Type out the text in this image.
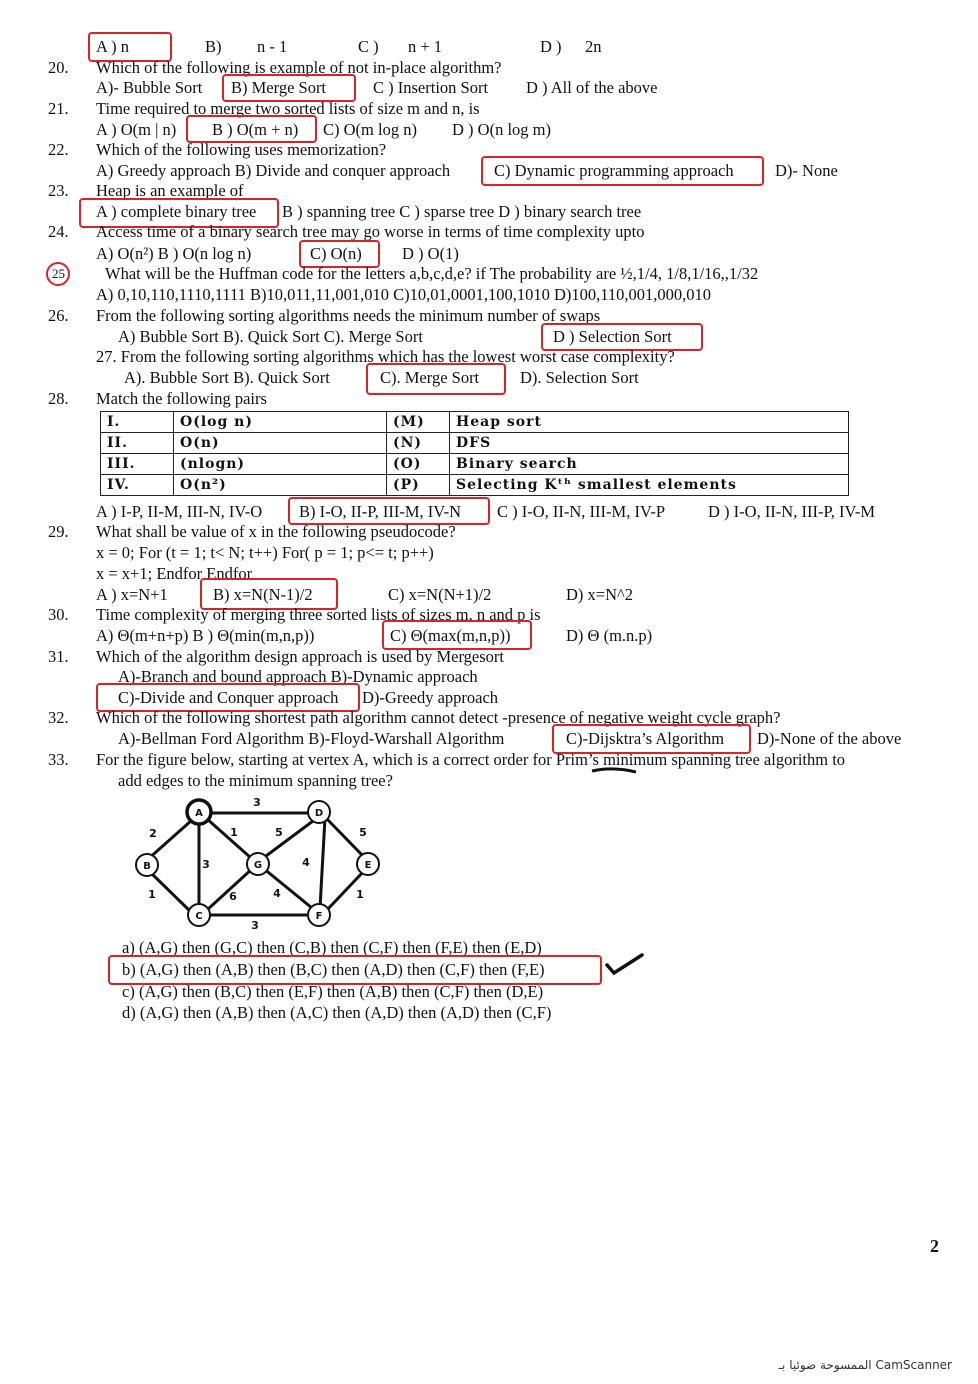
A ) n	B) n - 1	C ) n + 1	D ) 2n
20. Which of the following is example of not in-place algorithm?
A)- Bubble Sort B) Merge Sort	C ) Insertion Sort D ) All of the above
21. Time required to merge two sorted lists of size m and n, is
A ) O(m | n) B ) O(m + n) C) O(m log n) D ) O(n log m)
22. Which of the following uses memorization?
A) Greedy approach B) Divide and conquer approach	C) Dynamic programming approach	D)- None
23. Heap is an example of
A ) complete binary tree B ) spanning tree C ) sparse tree D ) binary search tree
24. Access time of a binary search tree may go worse in terms of time complexity upto
A) O(n²) B ) O(n log n)	C) O(n) D ) O(1)
25 What will be the Huffman code for the letters a,b,c,d,e? if The probability are ½,1/4, 1/8,1/16,,1/32
A) 0,10,110,1110,1111 B)10,011,11,001,010 C)10,01,0001,100,1010 D)100,110,001,000,010
26. From the following sorting algorithms needs the minimum number of swaps
A) Bubble Sort B). Quick Sort C). Merge Sort	D ) Selection Sort
27. From the following sorting algorithms which has the lowest worst case complexity?
A). Bubble Sort B). Quick Sort	C). Merge Sort D). Selection Sort
28. Match the following pairs
I.	O(log n)	(M)	Heap sort
II.	O(n)	(N)	DFS
III.	(nlogn)	(O)	Binary search
IV.	O(n²)	(P)	Selecting Kᵗʰ smallest elements
A ) I-P, II-M, III-N, IV-O B) I-O, II-P, III-M, IV-N C ) I-O, II-N, III-M, IV-P	D ) I-O, II-N, III-P, IV-M
29. What shall be value of x in the following pseudocode?
x = 0; For (t = 1; t< N; t++) For( p = 1; p<= t; p++)
x = x+1; Endfor Endfor
A ) x=N+1	B) x=N(N-1)/2	C) x=N(N+1)/2	D) x=N^2
30. Time complexity of merging three sorted lists of sizes m, n and p is
A) Θ(m+n+p) B ) Θ(min(m,n,p))	C) Θ(max(m,n,p))	D) Θ (m.n.p)
31. Which of the algorithm design approach is used by Mergesort
A)-Branch and bound approach B)-Dynamic approach
C)-Divide and Conquer approach D)-Greedy approach
32. Which of the following shortest path algorithm cannot detect -presence of negative weight cycle graph?
A)-Bellman Ford Algorithm B)-Floyd-Warshall Algorithm	C)-Dijsktra’s Algorithm D)-None of the above
33. For the figure below, starting at vertex A, which is a correct order for Prim’s minimum spanning tree algorithm to
add edges to the minimum spanning tree?
A
B
C
D
E
F
G
3
2	1	5	5
1
3	4
6	4
1
3
a) (A,G) then (G,C) then (C,B) then (C,F) then (F,E) then (E,D)
b) (A,G) then (A,B) then (B,C) then (A,D) then (C,F) then (F,E)
c) (A,G) then (B,C) then (E,F) then (A,B) then (C,F) then (D,E)
d) (A,G) then (A,B) then (A,C) then (A,D) then (A,D) then (C,F)
2
الممسوحة ضوئيا بـ CamScanner
